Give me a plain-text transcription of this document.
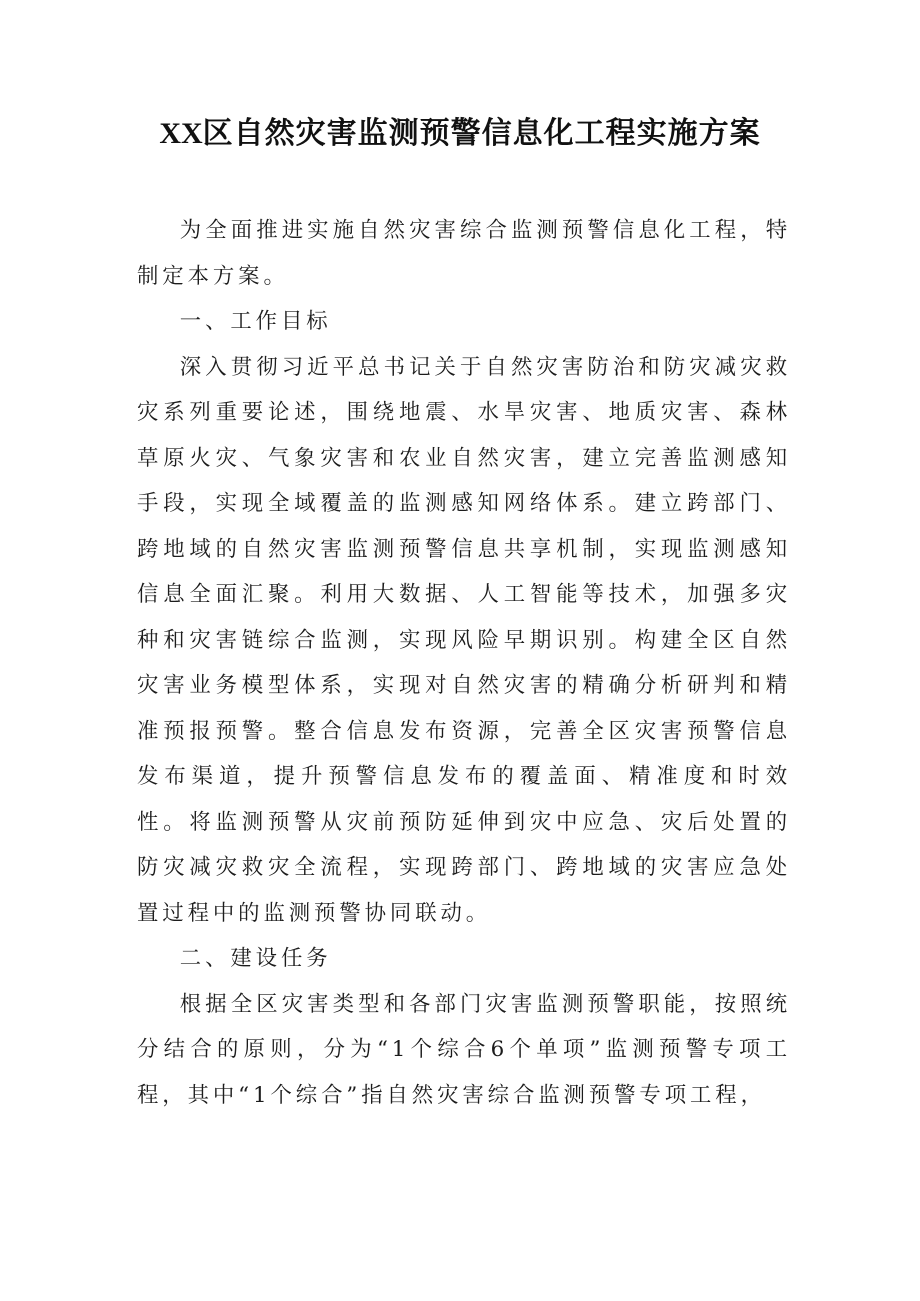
XX区自然灾害监测预警信息化工程实施方案

为全面推进实施自然灾害综合监测预警信息化工程，特制定本方案。

一、工作目标

深入贯彻习近平总书记关于自然灾害防治和防灾减灾救灾系列重要论述，围绕地震、水旱灾害、地质灾害、森林草原火灾、气象灾害和农业自然灾害，建立完善监测感知手段，实现全域覆盖的监测感知网络体系。建立跨部门、跨地域的自然灾害监测预警信息共享机制，实现监测感知信息全面汇聚。利用大数据、人工智能等技术，加强多灾种和灾害链综合监测，实现风险早期识别。构建全区自然灾害业务模型体系，实现对自然灾害的精确分析研判和精准预报预警。整合信息发布资源，完善全区灾害预警信息发布渠道，提升预警信息发布的覆盖面、精准度和时效性。将监测预警从灾前预防延伸到灾中应急、灾后处置的防灾减灾救灾全流程，实现跨部门、跨地域的灾害应急处置过程中的监测预警协同联动。

二、建设任务

根据全区灾害类型和各部门灾害监测预警职能，按照统分结合的原则，分为“1个综合6个单项”监测预警专项工程，其中“1个综合”指自然灾害综合监测预警专项工程，
